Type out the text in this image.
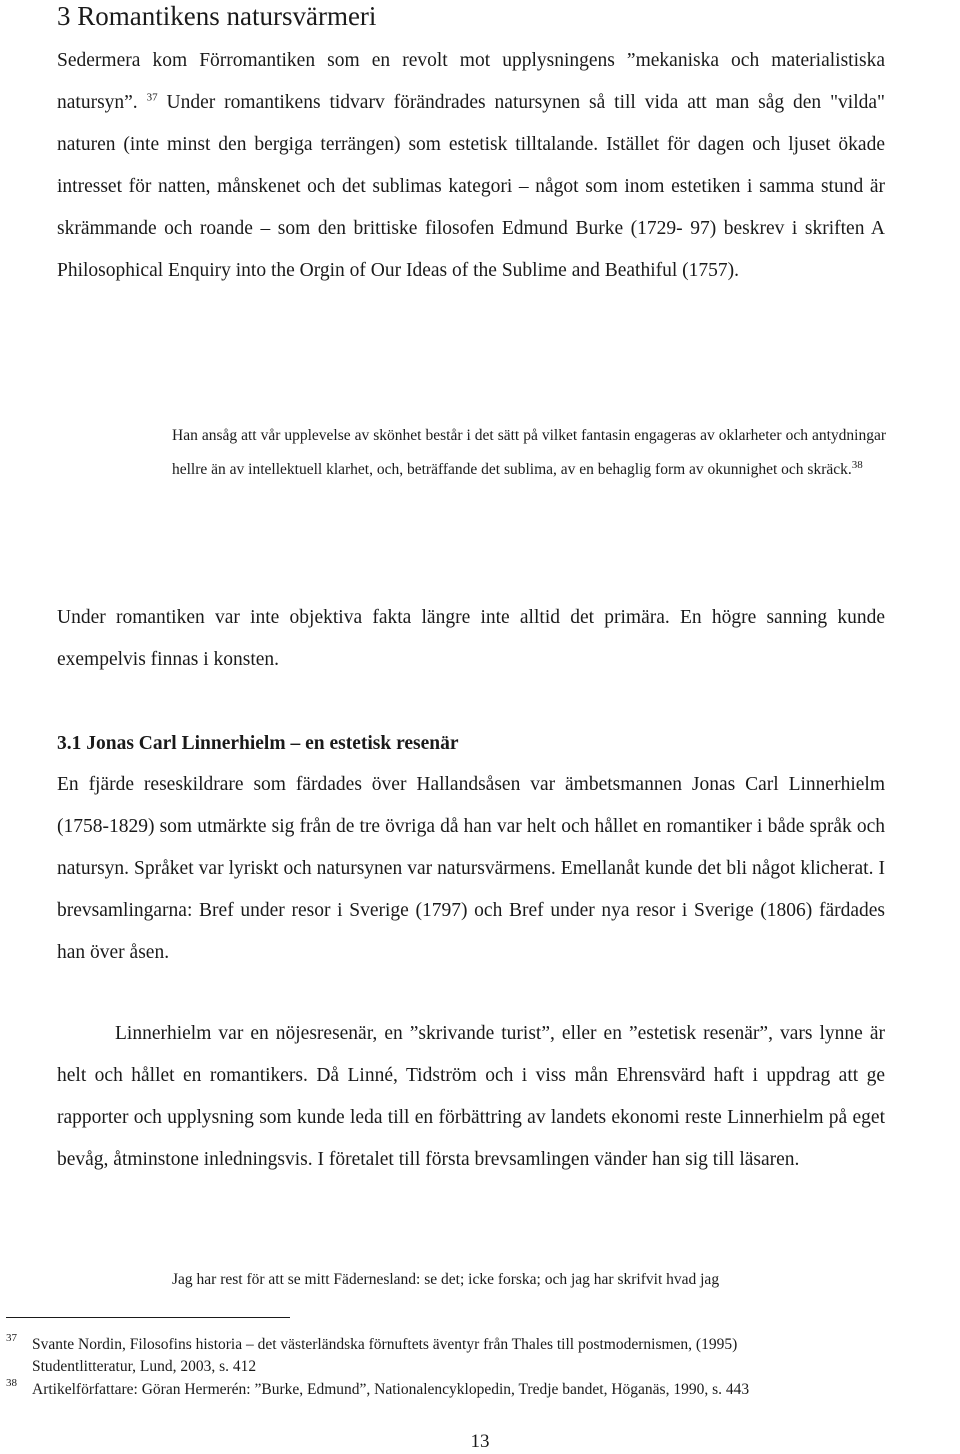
3 Romantikens natursvärmeri

Sedermera kom Förromantiken som en revolt mot upplysningens ”mekaniska och materialistiska natursyn”. $^{37}$ Under romantikens tidvarv förändrades natursynen så till vida att man såg den "vilda" naturen (inte minst den bergiga terrängen) som estetisk tilltalande. Istället för dagen och ljuset ökade intresset för natten, månskenet och det sublimas kategori – något som inom estetiken i samma stund är skrämmande och roande – som den brittiske filosofen Edmund Burke (1729- 97) beskrev i skriften A Philosophical Enquiry into the Orgin of Our Ideas of the Sublime and Beathiful (1757).

Han ansåg att vår upplevelse av skönhet består i det sätt på vilket fantasin engageras av oklarheter och antydningar hellre än av intellektuell klarhet, och, beträffande det sublima, av en behaglig form av okunnighet och skräck.$^{38}$

Under romantiken var inte objektiva fakta längre inte alltid det primära. En högre sanning kunde exempelvis finnas i konsten.

3.1 Jonas Carl Linnerhielm – en estetisk resenär

En fjärde reseskildrare som färdades över Hallandsåsen var ämbetsmannen Jonas Carl Linnerhielm (1758-1829) som utmärkte sig från de tre övriga då han var helt och hållet en romantiker i både språk och natursyn. Språket var lyriskt och natursynen var natursvärmens. Emellanåt kunde det bli något klicherat. I brevsamlingarna: Bref under resor i Sverige (1797) och Bref under nya resor i Sverige (1806) färdades han över åsen.

Linnerhielm var en nöjesresenär, en ”skrivande turist”, eller en ”estetisk resenär”, vars lynne är helt och hållet en romantikers. Då Linné, Tidström och i viss mån Ehrensvärd haft i uppdrag att ge rapporter och upplysning som kunde leda till en förbättring av landets ekonomi reste Linnerhielm på eget bevåg, åtminstone inledningsvis. I företalet till första brevsamlingen vänder han sig till läsaren.

Jag har rest för att se mitt Fädernesland: se det; icke forska; och jag har skrifvit hvad jag

37 Svante Nordin, Filosofins historia – det västerländska förnuftets äventyr från Thales till postmodernismen, (1995)
Studentlitteratur, Lund, 2003, s. 412
38 Artikelförfattare: Göran Hermerén: ”Burke, Edmund”, Nationalencyklopedin, Tredje bandet, Höganäs, 1990, s. 443
13
